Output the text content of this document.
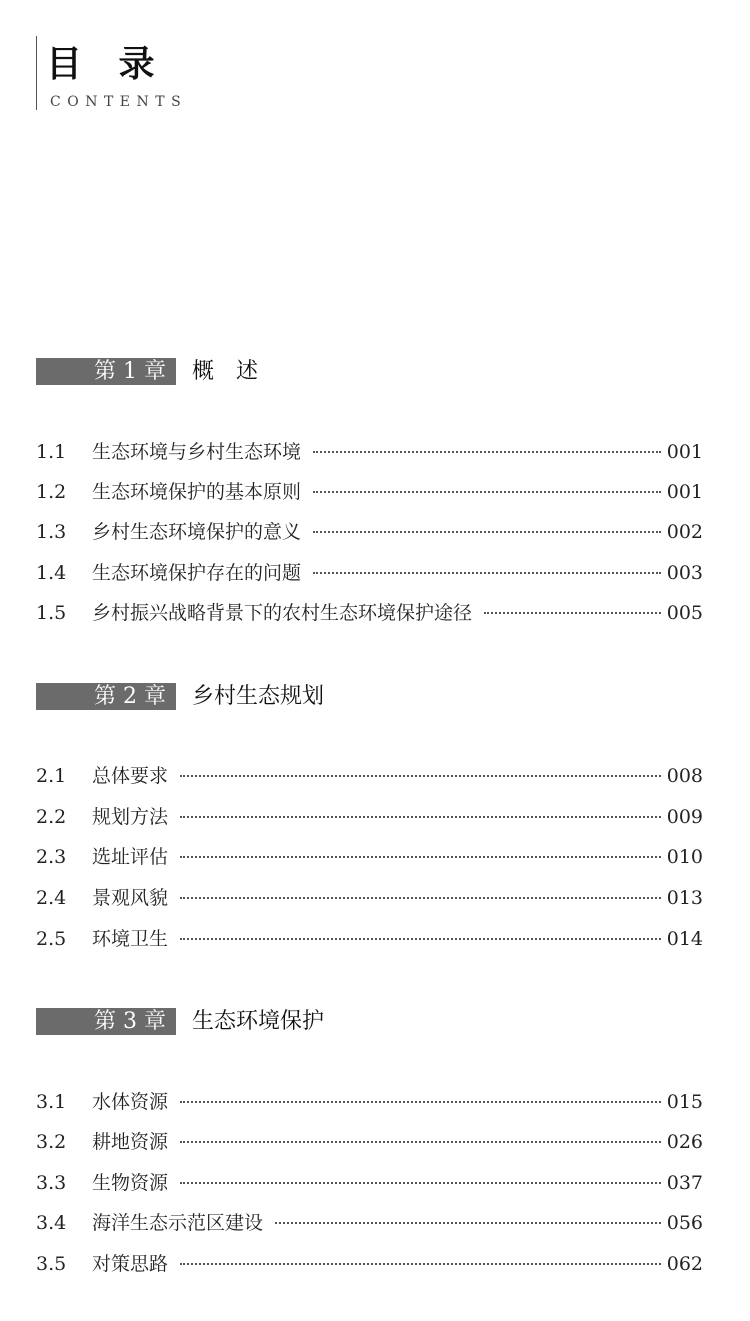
目 录
CONTENTS
第 1 章 概　述
1.1	生态环境与乡村生态环境	001
1.2	生态环境保护的基本原则	001
1.3	乡村生态环境保护的意义	002
1.4	生态环境保护存在的问题	003
1.5	乡村振兴战略背景下的农村生态环境保护途径	005
第 2 章 乡村生态规划
2.1	总体要求	008
2.2	规划方法	009
2.3	选址评估	010
2.4	景观风貌	013
2.5	环境卫生	014
第 3 章 生态环境保护
3.1	水体资源	015
3.2	耕地资源	026
3.3	生物资源	037
3.4	海洋生态示范区建设	056
3.5	对策思路	062
